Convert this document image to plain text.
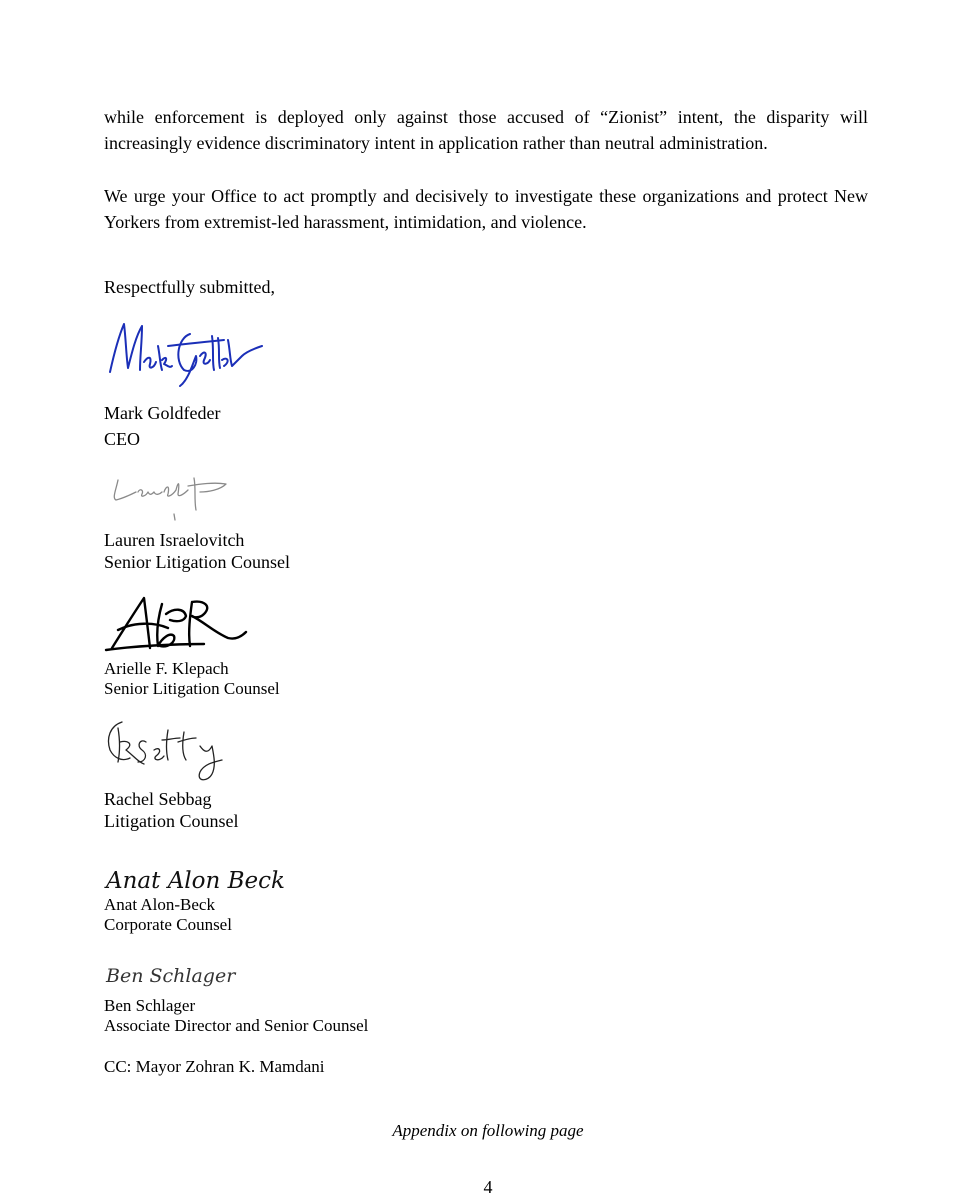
while enforcement is deployed only against those accused of “Zionist” intent, the disparity will increasingly evidence discriminatory intent in application rather than neutral administration.

We urge your Office to act promptly and decisively to investigate these organizations and protect New Yorkers from extremist-led harassment, intimidation, and violence.

Respectfully submitted,
Mark Goldfeder
CEO
Lauren Israelovitch
Senior Litigation Counsel
Arielle F. Klepach
Senior Litigation Counsel
Rachel Sebbag
Litigation Counsel
Anat Alon Beck
Anat Alon-Beck
Corporate Counsel
Ben Schlager
Ben Schlager
Associate Director and Senior Counsel
CC: Mayor Zohran K. Mamdani
Appendix on following page
4
